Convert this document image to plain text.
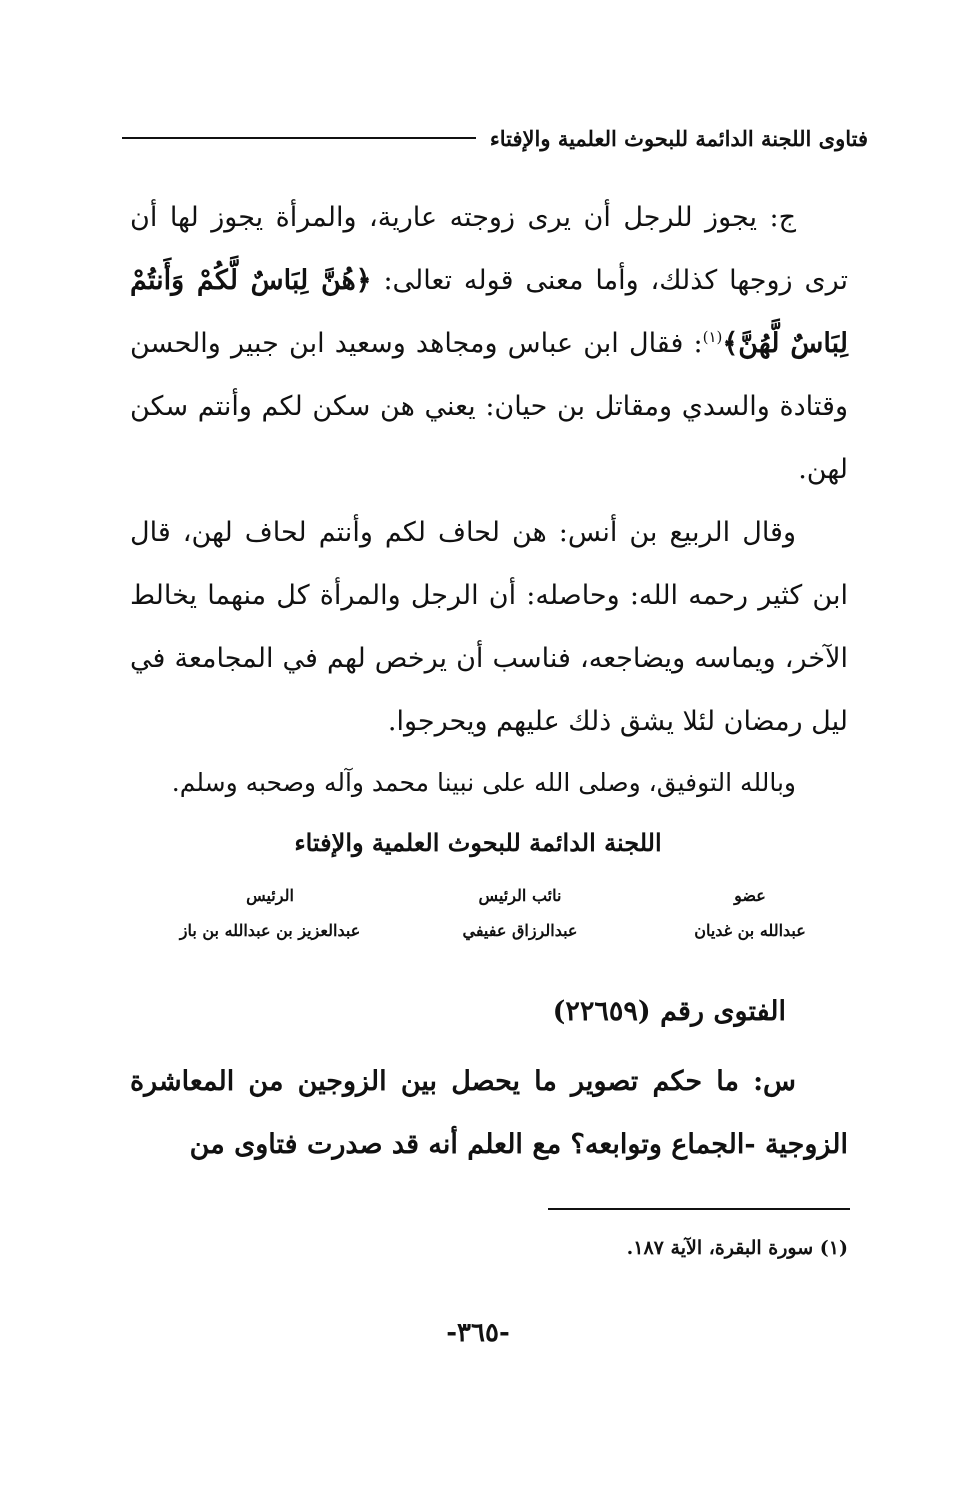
فتاوى اللجنة الدائمة للبحوث العلمية والإفتاء

ج: يجوز للرجل أن يرى زوجته عارية، والمرأة يجوز لها أن ترى زوجها كذلك، وأما معنى قوله تعالى: ﴿هُنَّ لِبَاسٌ لَّكُمْ وَأَنتُمْ لِبَاسٌ لَّهُنَّ﴾$^{(١)}$: فقال ابن عباس ومجاهد وسعيد ابن جبير والحسن وقتادة والسدي ومقاتل بن حيان: يعني هن سكن لكم وأنتم سكن لهن.

وقال الربيع بن أنس: هن لحاف لكم وأنتم لحاف لهن، قال ابن كثير رحمه الله: وحاصله: أن الرجل والمرأة كل منهما يخالط الآخر، ويماسه ويضاجعه، فناسب أن يرخص لهم في المجامعة في ليل رمضان لئلا يشق ذلك عليهم ويحرجوا.

وبالله التوفيق، وصلى الله على نبينا محمد وآله وصحبه وسلم.
اللجنة الدائمة للبحوث العلمية والإفتاء
عضو
عبدالله بن غديان
نائب الرئيس
عبدالرزاق عفيفي
الرئيس
عبدالعزيز بن عبدالله بن باز
الفتوى رقم (٢٢٦٥٩)

س: ما حكم تصوير ما يحصل بين الزوجين من المعاشرة الزوجية -الجماع وتوابعه؟ مع العلم أنه قد صدرت فتاوى من

(١) سورة البقرة، الآية ١٨٧.
-٣٦٥-
